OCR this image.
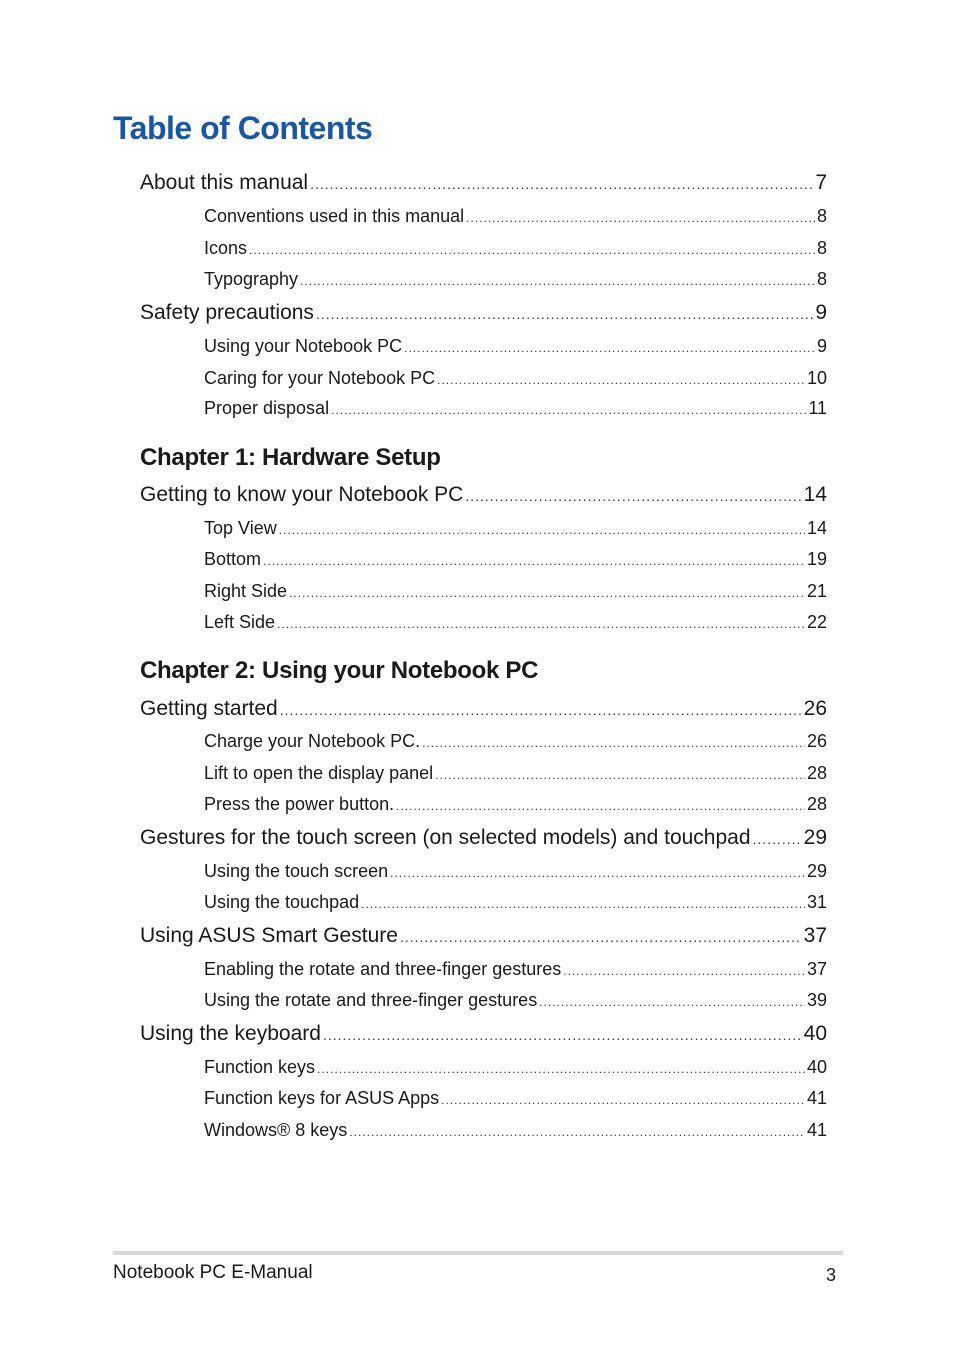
Table of Contents
About this manual .....	7
Conventions used in this manual .....	8
Icons .....	8
Typography .....	8
Safety precautions .....	9
Using your Notebook PC .....	9
Caring for your Notebook PC .....	10
Proper disposal .....	11
Chapter 1: Hardware Setup
Getting to know your Notebook PC .....	14
Top View .....	14
Bottom .....	19
Right Side .....	21
Left Side .....	22
Chapter 2: Using your Notebook PC
Getting started .....	26
Charge your Notebook PC. .....	26
Lift to open the display panel .....	28
Press the power button. .....	28
Gestures for the touch screen (on selected models) and touchpad .....	29
Using the touch screen .....	29
Using the touchpad .....	31
Using ASUS Smart Gesture .....	37
Enabling the rotate and three-finger gestures .....	37
Using the rotate and three-finger gestures .....	39
Using the keyboard .....	40
Function keys .....	40
Function keys for ASUS Apps .....	41
Windows® 8 keys .....	41
Notebook PC E-Manual	3
